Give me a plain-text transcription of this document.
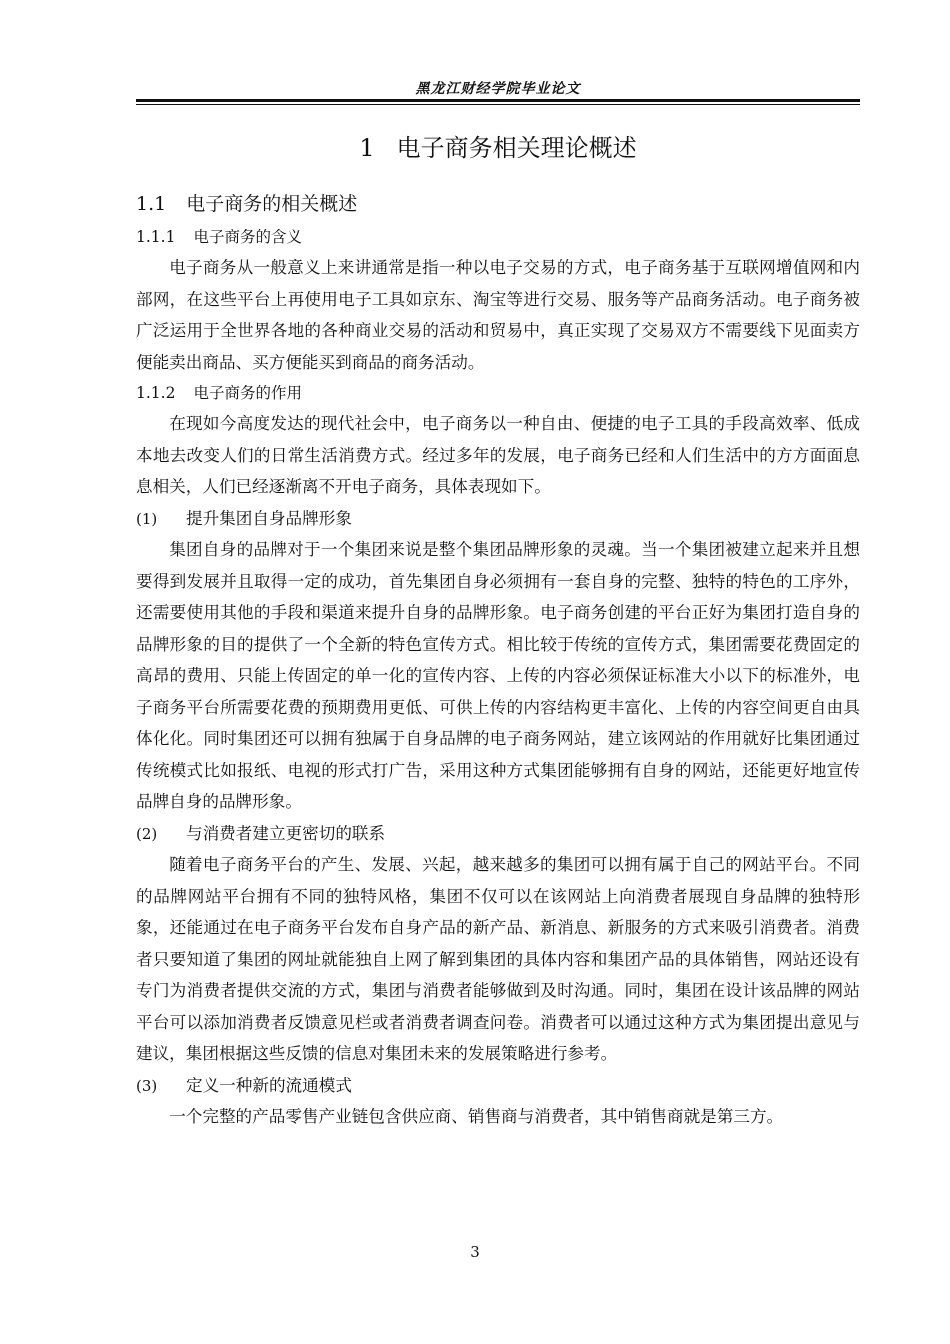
黑龙江财经学院毕业论文
1 电子商务相关理论概述
1.1 电子商务的相关概述
1.1.1 电子商务的含义

电子商务从一般意义上来讲通常是指一种以电子交易的方式，电子商务基于互联网增值网和内部网，在这些平台上再使用电子工具如京东、淘宝等进行交易、服务等产品商务活动。电子商务被广泛运用于全世界各地的各种商业交易的活动和贸易中，真正实现了交易双方不需要线下见面卖方便能卖出商品、买方便能买到商品的商务活动。

1.1.2 电子商务的作用

在现如今高度发达的现代社会中，电子商务以一种自由、便捷的电子工具的手段高效率、低成本地去改变人们的日常生活消费方式。经过多年的发展，电子商务已经和人们生活中的方方面面息息相关，人们已经逐渐离不开电子商务，具体表现如下。

(1) 提升集团自身品牌形象

集团自身的品牌对于一个集团来说是整个集团品牌形象的灵魂。当一个集团被建立起来并且想要得到发展并且取得一定的成功，首先集团自身必须拥有一套自身的完整、独特的特色的工序外，还需要使用其他的手段和渠道来提升自身的品牌形象。电子商务创建的平台正好为集团打造自身的品牌形象的目的提供了一个全新的特色宣传方式。相比较于传统的宣传方式，集团需要花费固定的高昂的费用、只能上传固定的单一化的宣传内容、上传的内容必须保证标准大小以下的标准外，电子商务平台所需要花费的预期费用更低、可供上传的内容结构更丰富化、上传的内容空间更自由具体化化。同时集团还可以拥有独属于自身品牌的电子商务网站，建立该网站的作用就好比集团通过传统模式比如报纸、电视的形式打广告，采用这种方式集团能够拥有自身的网站，还能更好地宣传品牌自身的品牌形象。

(2) 与消费者建立更密切的联系

随着电子商务平台的产生、发展、兴起，越来越多的集团可以拥有属于自己的网站平台。不同的品牌网站平台拥有不同的独特风格，集团不仅可以在该网站上向消费者展现自身品牌的独特形象，还能通过在电子商务平台发布自身产品的新产品、新消息、新服务的方式来吸引消费者。消费者只要知道了集团的网址就能独自上网了解到集团的具体内容和集团产品的具体销售，网站还设有专门为消费者提供交流的方式，集团与消费者能够做到及时沟通。同时，集团在设计该品牌的网站平台可以添加消费者反馈意见栏或者消费者调查问卷。消费者可以通过这种方式为集团提出意见与建议，集团根据这些反馈的信息对集团未来的发展策略进行参考。

(3) 定义一种新的流通模式

一个完整的产品零售产业链包含供应商、销售商与消费者，其中销售商就是第三方。

3
